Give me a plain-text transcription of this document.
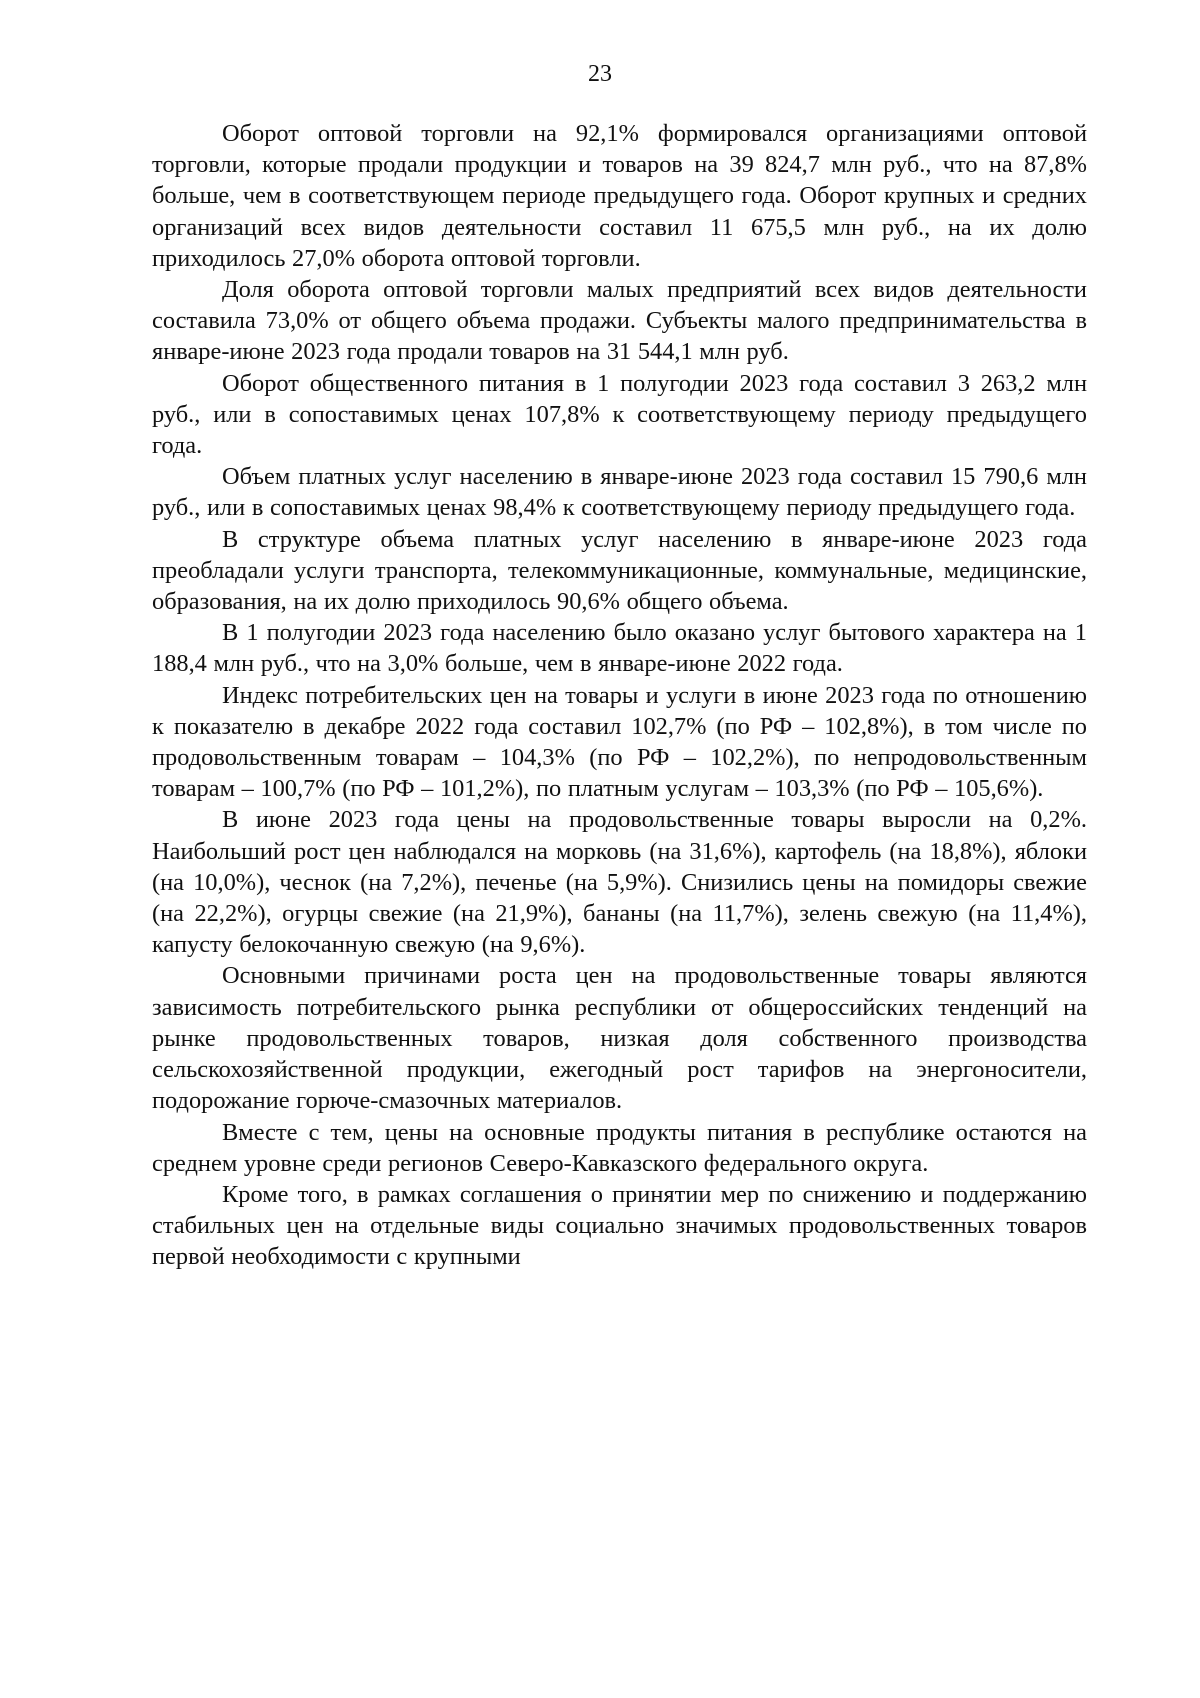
23

Оборот оптовой торговли на 92,1% формировался организациями оптовой торговли, которые продали продукции и товаров на 39 824,7 млн руб., что на 87,8% больше, чем в соответствующем периоде предыдущего года. Оборот крупных и средних организаций всех видов деятельности составил 11 675,5 млн руб., на их долю приходилось 27,0% оборота оптовой торговли.

Доля оборота оптовой торговли малых предприятий всех видов деятельности составила 73,0% от общего объема продажи. Субъекты малого предпринимательства в январе-июне 2023 года продали товаров на 31 544,1 млн руб.

Оборот общественного питания в 1 полугодии 2023 года составил 3 263,2 млн руб., или в сопоставимых ценах 107,8% к соответствующему периоду предыдущего года.

Объем платных услуг населению в январе-июне 2023 года составил 15 790,6 млн руб., или в сопоставимых ценах 98,4% к соответствующему периоду предыдущего года.

В структуре объема платных услуг населению в январе-июне 2023 года преобладали услуги транспорта, телекоммуникационные, коммунальные, медицинские, образования, на их долю приходилось 90,6% общего объема.

В 1 полугодии 2023 года населению было оказано услуг бытового характера на 1 188,4 млн руб., что на 3,0% больше, чем в январе-июне 2022 года.

Индекс потребительских цен на товары и услуги в июне 2023 года по отношению к показателю в декабре 2022 года составил 102,7% (по РФ – 102,8%), в том числе по продовольственным товарам – 104,3% (по РФ – 102,2%), по непродовольственным товарам – 100,7% (по РФ – 101,2%), по платным услугам – 103,3% (по РФ – 105,6%).

В июне 2023 года цены на продовольственные товары выросли на 0,2%. Наибольший рост цен наблюдался на морковь (на 31,6%), картофель (на 18,8%), яблоки (на 10,0%), чеснок (на 7,2%), печенье (на 5,9%). Снизились цены на помидоры свежие (на 22,2%), огурцы свежие (на 21,9%), бананы (на 11,7%), зелень свежую (на 11,4%), капусту белокочанную свежую (на 9,6%).

Основными причинами роста цен на продовольственные товары являются зависимость потребительского рынка республики от общероссийских тенденций на рынке продовольственных товаров, низкая доля собственного производства сельскохозяйственной продукции, ежегодный рост тарифов на энергоносители, подорожание горюче-смазочных материалов.

Вместе с тем, цены на основные продукты питания в республике остаются на среднем уровне среди регионов Северо-Кавказского федерального округа.

Кроме того, в рамках соглашения о принятии мер по снижению и поддержанию стабильных цен на отдельные виды социально значимых продовольственных товаров первой необходимости с крупными
